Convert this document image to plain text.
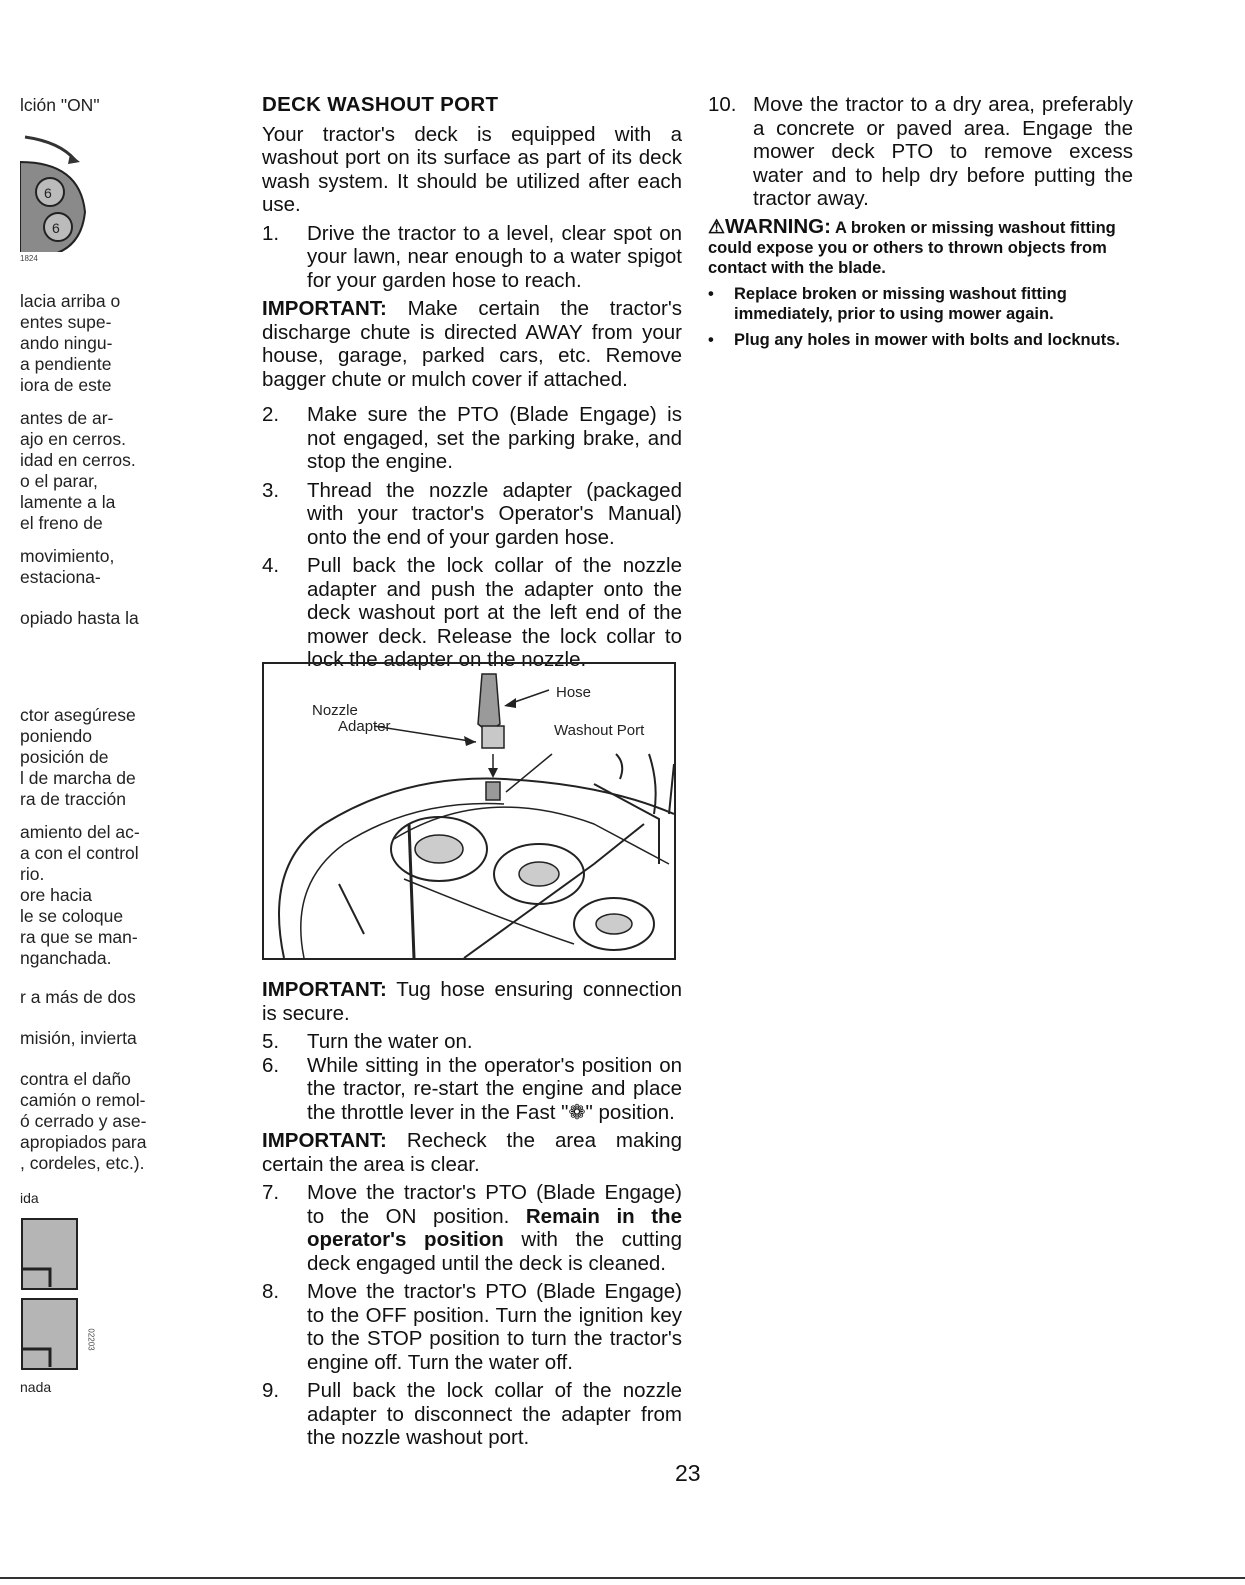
lción "ON"
6
6
1824
lacia arriba o
entes supe-
ando ningu-
a pendiente
iora de este
antes de ar-
ajo en cerros.
idad en cerros.
o el parar,
lamente a la
el freno de
movimiento,
estaciona-
opiado hasta la
ctor asegúrese
poniendo
posición de
l de marcha de
ra de tracción
amiento del ac-
a con el control
rio.
ore hacia
le se coloque
ra que se man-
nganchada.
r a más de dos
misión, invierta
contra el daño
camión o remol-
ó cerrado y ase-
apropiados para
, cordeles, etc.).
ida
02203
nada
DECK WASHOUT PORT

Your tractor's deck is equipped with a washout port on its surface as part of its deck wash system. It should be utilized after each use.

1.	Drive the tractor to a level, clear spot on your lawn, near enough to a water spigot for your garden hose to reach.

IMPORTANT: Make certain the tractor's discharge chute is directed AWAY from your house, garage, parked cars, etc. Remove bagger chute or mulch cover if attached.

2.	Make sure the PTO (Blade Engage) is not engaged, set the parking brake, and stop the engine.
3.	Thread the nozzle adapter (packaged with your tractor's Operator's Manual) onto the end of your garden hose.
4.	Pull back the lock collar of the nozzle adapter and push the adapter onto the deck washout port at the left end of the mower deck. Release the lock collar to lock the adapter on the nozzle.
Nozzle
Adapter
Hose
Washout Port

IMPORTANT: Tug hose ensuring connection is secure.

5.	Turn the water on.
6.	While sitting in the operator's position on the tractor, re-start the engine and place the throttle lever in the Fast "❁" position.

IMPORTANT: Recheck the area making certain the area is clear.

7.	Move the tractor's PTO (Blade Engage) to the ON position. Remain in the operator's position with the cutting deck engaged until the deck is cleaned.
8.	Move the tractor's PTO (Blade Engage) to the OFF position. Turn the ignition key to the STOP position to turn the tractor's engine off. Turn the water off.
9.	Pull back the lock collar of the nozzle adapter to disconnect the adapter from the nozzle washout port.
10. Move the tractor to a dry area, preferably a concrete or paved area. Engage the mower deck PTO to remove excess water and to help dry before putting the tractor away.
⚠WARNING: A broken or missing washout fitting could expose you or others to thrown objects from contact with the blade.
•	Replace broken or missing washout fitting immediately, prior to using mower again.
•	Plug any holes in mower with bolts and locknuts.
23
